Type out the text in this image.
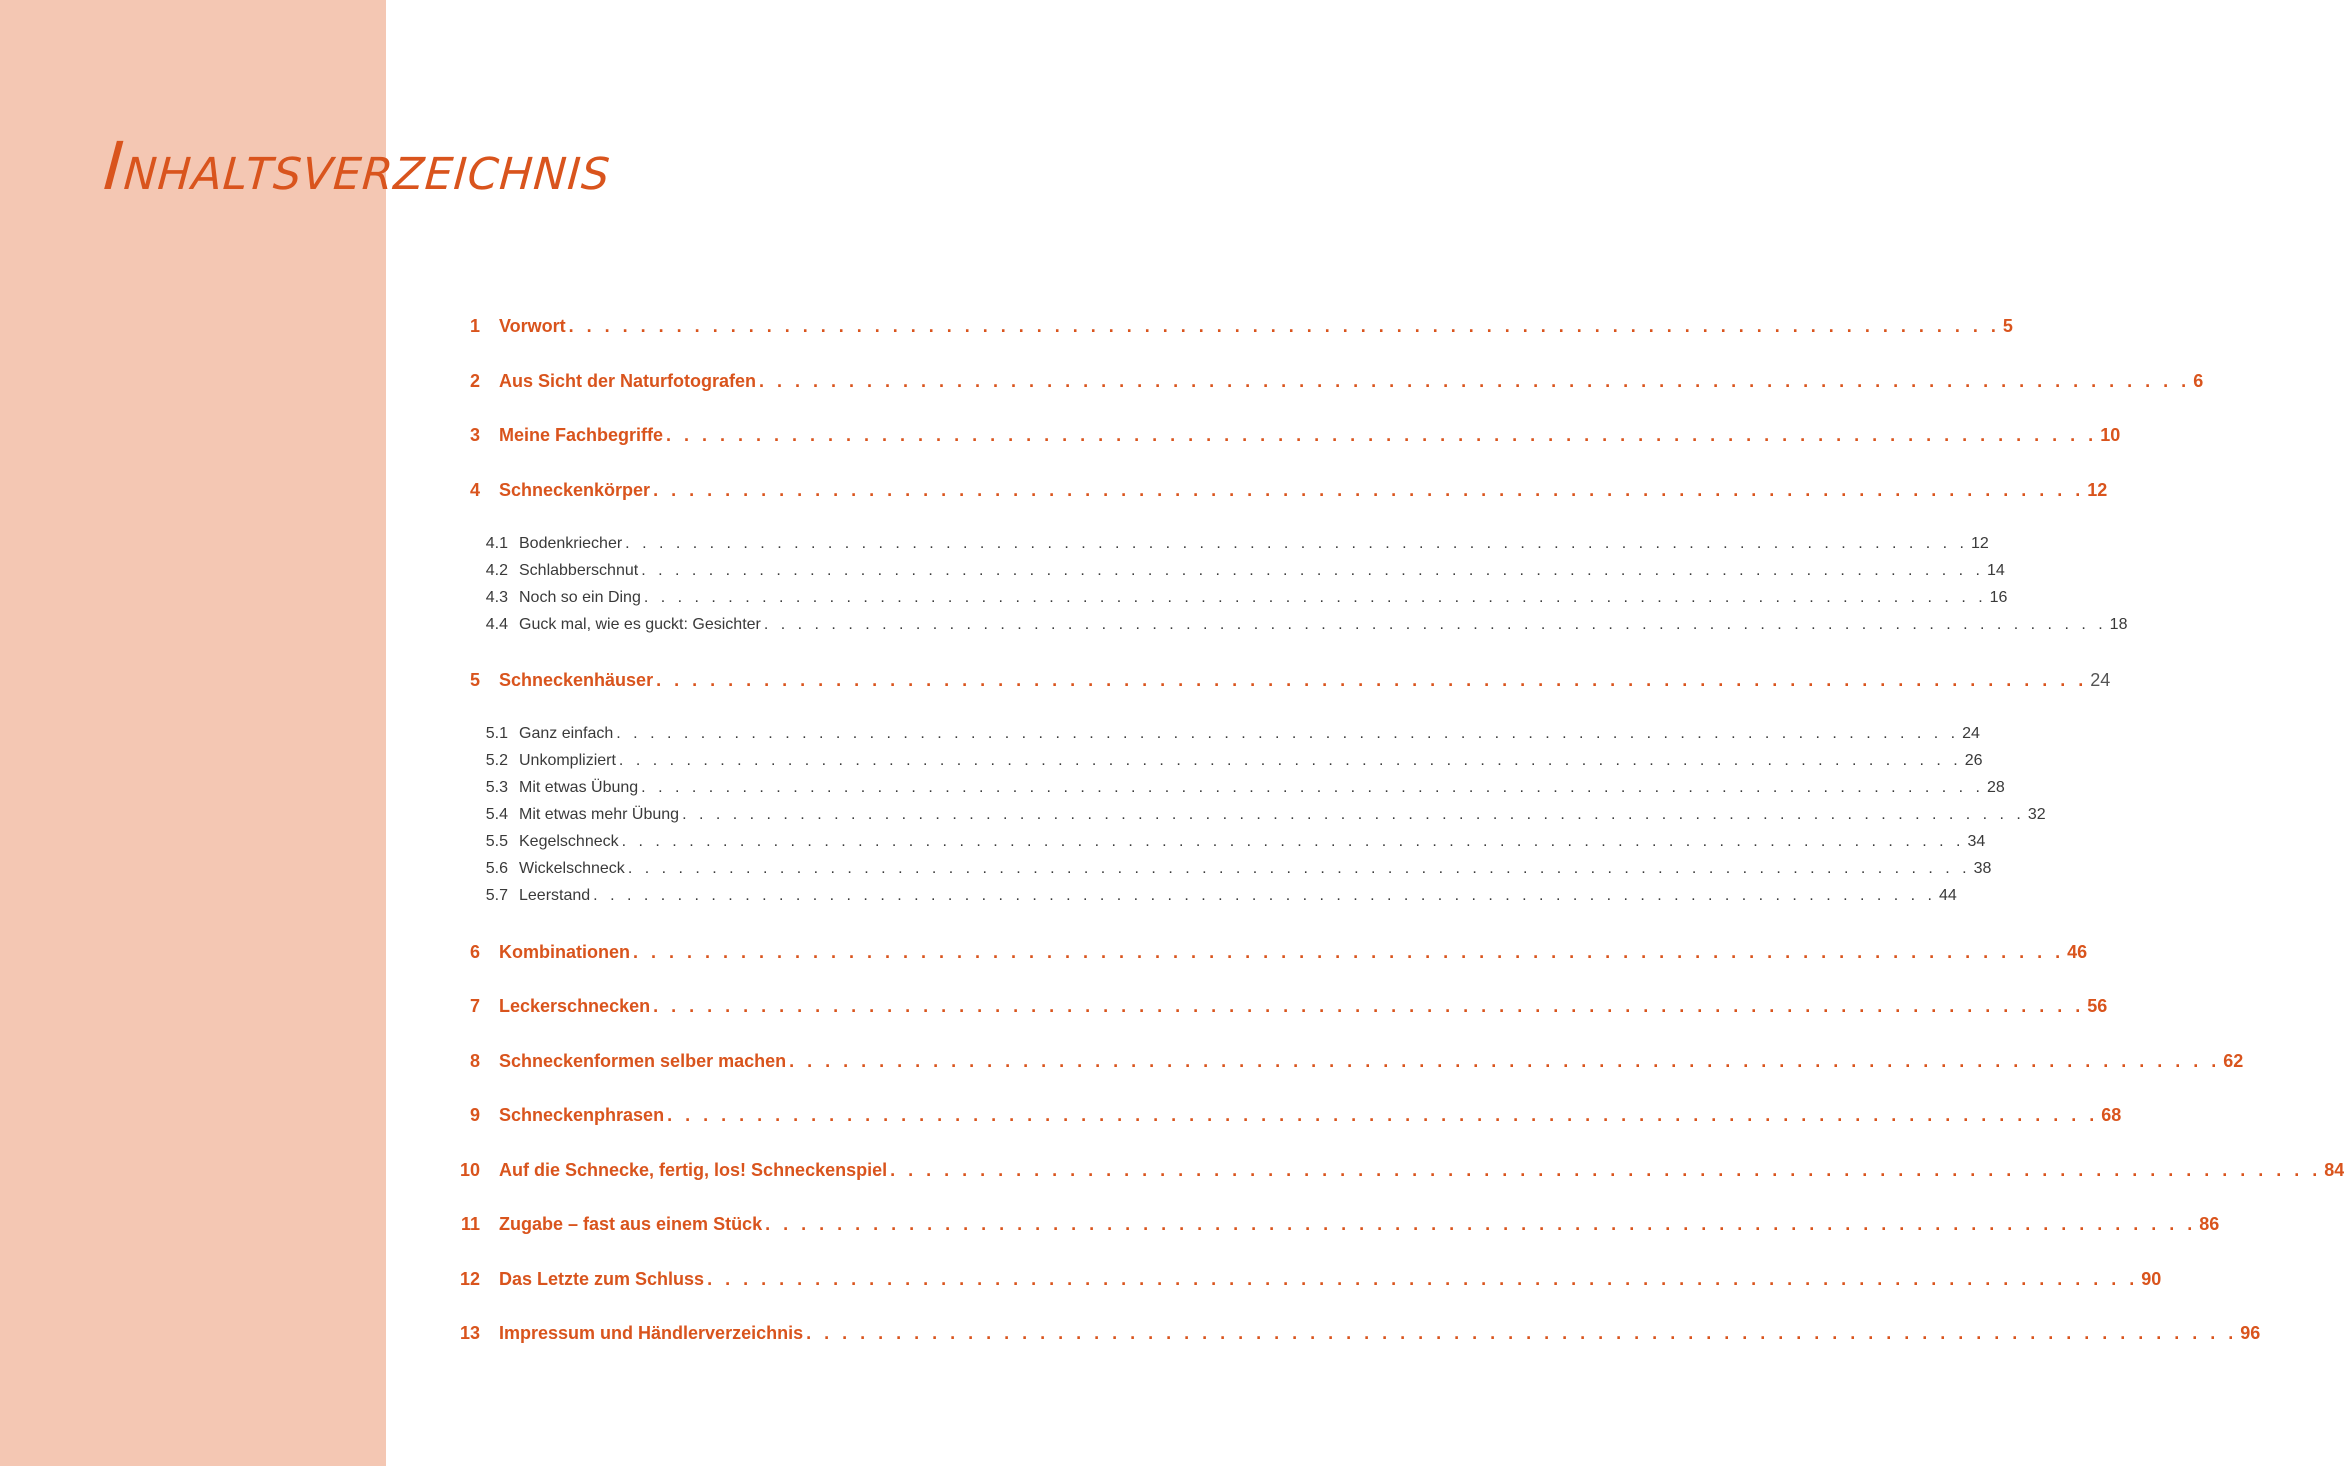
INHALTSVERZEICHNIS
1 Vorwort . . . . . . . . . . . . . . . . . . . . . . . . . . . . . . . . . . . . . . . . . . . . . . . . . . . . . . . . . . . . . . . . . . . . . . . . . . . . . . . . 5
2 Aus Sicht der Naturfotografen . . . . . . . . . . . . . . . . . . . . . . . . . . . . . . . . . . . . . . . . . . . . . . . . . . . . . . . . . . . . . . . . . . . . . . . . . . . . . . . . 6
3 Meine Fachbegriffe . . . . . . . . . . . . . . . . . . . . . . . . . . . . . . . . . . . . . . . . . . . . . . . . . . . . . . . . . . . . . . . . . . . . . . . . . . . . . . . . 10
4 Schneckenkörper . . . . . . . . . . . . . . . . . . . . . . . . . . . . . . . . . . . . . . . . . . . . . . . . . . . . . . . . . . . . . . . . . . . . . . . . . . . . . . . . 12
4.1 Bodenkriecher . . . . . . . . . . . . . . . . . . . . . . . . . . . . . . . . . . . . . . . . . . . . . . . . . . . . . . . . . . . . . . . . . . . . . . . . . . . . . . . . 12
4.2 Schlabberschnut . . . . . . . . . . . . . . . . . . . . . . . . . . . . . . . . . . . . . . . . . . . . . . . . . . . . . . . . . . . . . . . . . . . . . . . . . . . . . . . . 14
4.3 Noch so ein Ding . . . . . . . . . . . . . . . . . . . . . . . . . . . . . . . . . . . . . . . . . . . . . . . . . . . . . . . . . . . . . . . . . . . . . . . . . . . . . . . . 16
4.4 Guck mal, wie es guckt: Gesichter . . . . . . . . . . . . . . . . . . . . . . . . . . . . . . . . . . . . . . . . . . . . . . . . . . . . . . . . . . . . . . . . . . . . . . . . . . . . . . . . 18
5 Schneckenhäuser . . . . . . . . . . . . . . . . . . . . . . . . . . . . . . . . . . . . . . . . . . . . . . . . . . . . . . . . . . . . . . . . . . . . . . . . . . . . . . . . 24
5.1 Ganz einfach . . . . . . . . . . . . . . . . . . . . . . . . . . . . . . . . . . . . . . . . . . . . . . . . . . . . . . . . . . . . . . . . . . . . . . . . . . . . . . . . 24
5.2 Unkompliziert . . . . . . . . . . . . . . . . . . . . . . . . . . . . . . . . . . . . . . . . . . . . . . . . . . . . . . . . . . . . . . . . . . . . . . . . . . . . . . . . 26
5.3 Mit etwas Übung . . . . . . . . . . . . . . . . . . . . . . . . . . . . . . . . . . . . . . . . . . . . . . . . . . . . . . . . . . . . . . . . . . . . . . . . . . . . . . . . 28
5.4 Mit etwas mehr Übung . . . . . . . . . . . . . . . . . . . . . . . . . . . . . . . . . . . . . . . . . . . . . . . . . . . . . . . . . . . . . . . . . . . . . . . . . . . . . . . . 32
5.5 Kegelschneck . . . . . . . . . . . . . . . . . . . . . . . . . . . . . . . . . . . . . . . . . . . . . . . . . . . . . . . . . . . . . . . . . . . . . . . . . . . . . . . . 34
5.6 Wickelschneck . . . . . . . . . . . . . . . . . . . . . . . . . . . . . . . . . . . . . . . . . . . . . . . . . . . . . . . . . . . . . . . . . . . . . . . . . . . . . . . . 38
5.7 Leerstand . . . . . . . . . . . . . . . . . . . . . . . . . . . . . . . . . . . . . . . . . . . . . . . . . . . . . . . . . . . . . . . . . . . . . . . . . . . . . . . . 44
6 Kombinationen . . . . . . . . . . . . . . . . . . . . . . . . . . . . . . . . . . . . . . . . . . . . . . . . . . . . . . . . . . . . . . . . . . . . . . . . . . . . . . . . 46
7 Leckerschnecken . . . . . . . . . . . . . . . . . . . . . . . . . . . . . . . . . . . . . . . . . . . . . . . . . . . . . . . . . . . . . . . . . . . . . . . . . . . . . . . . 56
8 Schneckenformen selber machen . . . . . . . . . . . . . . . . . . . . . . . . . . . . . . . . . . . . . . . . . . . . . . . . . . . . . . . . . . . . . . . . . . . . . . . . . . . . . . . . 62
9 Schneckenphrasen . . . . . . . . . . . . . . . . . . . . . . . . . . . . . . . . . . . . . . . . . . . . . . . . . . . . . . . . . . . . . . . . . . . . . . . . . . . . . . . . 68
10 Auf die Schnecke, fertig, los! Schneckenspiel . . . . . . . . . . . . . . . . . . . . . . . . . . . . . . . . . . . . . . . . . . . . . . . . . . . . . . . . . . . . . . . . . . . . . . . . . . . . . . . . 84
11 Zugabe – fast aus einem Stück . . . . . . . . . . . . . . . . . . . . . . . . . . . . . . . . . . . . . . . . . . . . . . . . . . . . . . . . . . . . . . . . . . . . . . . . . . . . . . . . 86
12 Das Letzte zum Schluss . . . . . . . . . . . . . . . . . . . . . . . . . . . . . . . . . . . . . . . . . . . . . . . . . . . . . . . . . . . . . . . . . . . . . . . . . . . . . . . . 90
13 Impressum und Händlerverzeichnis . . . . . . . . . . . . . . . . . . . . . . . . . . . . . . . . . . . . . . . . . . . . . . . . . . . . . . . . . . . . . . . . . . . . . . . . . . . . . . . . 96
